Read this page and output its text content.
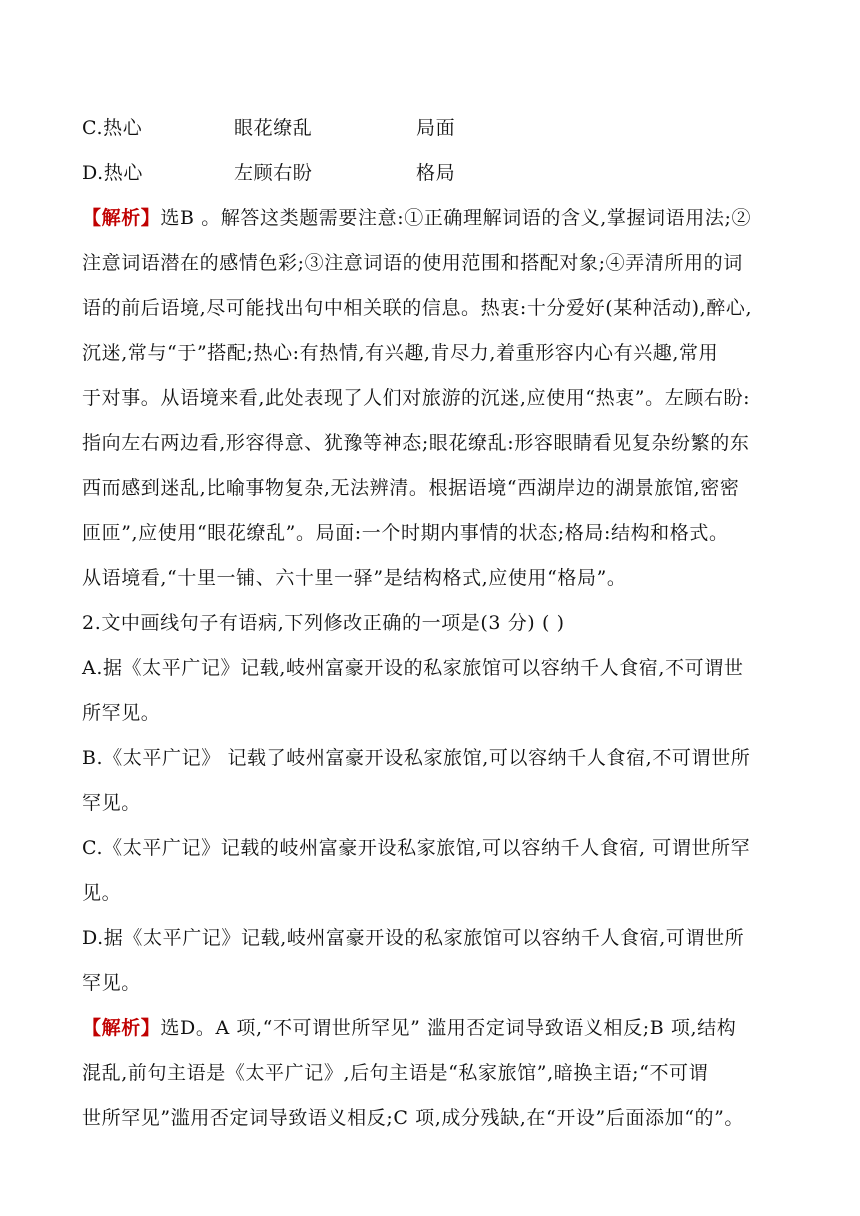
C.热心	眼花缭乱	局面
D.热心	左顾右盼	格局
【解析】选B 。解答这类题需要注意:①正确理解词语的含义,掌握词语用法;②
注意词语潜在的感情色彩;③注意词语的使用范围和搭配对象;④弄清所用的词
语的前后语境,尽可能找出句中相关联的信息。热衷:十分爱好(某种活动),醉心,
沉迷,常与“于”搭配;热心:有热情,有兴趣,肯尽力,着重形容内心有兴趣,常用
于对事。从语境来看,此处表现了人们对旅游的沉迷,应使用“热衷”。左顾右盼:
指向左右两边看,形容得意、犹豫等神态;眼花缭乱:形容眼睛看见复杂纷繁的东
西而感到迷乱,比喻事物复杂,无法辨清。根据语境“西湖岸边的湖景旅馆,密密
匝匝”,应使用“眼花缭乱”。局面:一个时期内事情的状态;格局:结构和格式。
从语境看,“十里一铺、六十里一驿”是结构格式,应使用“格局”。
2.文中画线句子有语病,下列修改正确的一项是(3 分) ( )
A.据《太平广记》记载,岐州富豪开设的私家旅馆可以容纳千人食宿,不可谓世
所罕见。
B.《太平广记》 记载了岐州富豪开设私家旅馆,可以容纳千人食宿,不可谓世所
罕见。
C.《太平广记》记载的岐州富豪开设私家旅馆,可以容纳千人食宿, 可谓世所罕
见。
D.据《太平广记》记载,岐州富豪开设的私家旅馆可以容纳千人食宿,可谓世所
罕见。
【解析】选D。A 项,“不可谓世所罕见” 滥用否定词导致语义相反;B 项,结构
混乱,前句主语是《太平广记》,后句主语是“私家旅馆”,暗换主语;“不可谓
世所罕见”滥用否定词导致语义相反;C 项,成分残缺,在“开设”后面添加“的”。
